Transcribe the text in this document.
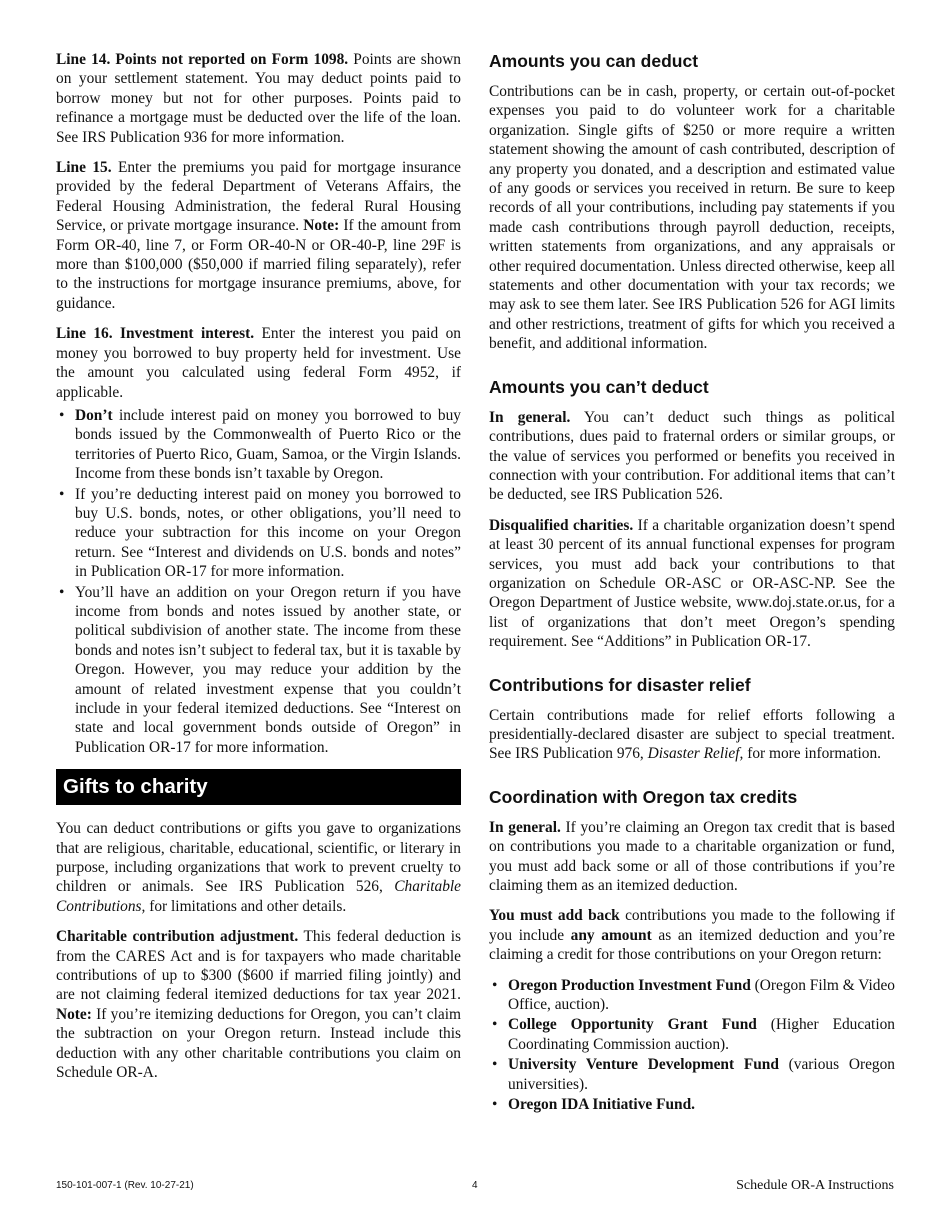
Line 14. Points not reported on Form 1098. Points are shown on your settlement statement. You may deduct points paid to borrow money but not for other purposes. Points paid to refinance a mortgage must be deducted over the life of the loan. See IRS Publication 936 for more information.

Line 15. Enter the premiums you paid for mortgage insurance provided by the federal Department of Veterans Affairs, the Federal Housing Administration, the federal Rural Housing Service, or private mortgage insurance. Note: If the amount from Form OR-40, line 7, or Form OR-40-N or OR-40-P, line 29F is more than $100,000 ($50,000 if married filing separately), refer to the instructions for mortgage insurance premiums, above, for guidance.

Line 16. Investment interest. Enter the interest you paid on money you borrowed to buy property held for investment. Use the amount you calculated using federal Form 4952, if applicable.

• Don’t include interest paid on money you borrowed to buy bonds issued by the Commonwealth of Puerto Rico or the territories of Puerto Rico, Guam, Samoa, or the Virgin Islands. Income from these bonds isn’t taxable by Oregon.
• If you’re deducting interest paid on money you borrowed to buy U.S. bonds, notes, or other obligations, you’ll need to reduce your subtraction for this income on your Oregon return. See “Interest and dividends on U.S. bonds and notes” in Publication OR-17 for more information.
• You’ll have an addition on your Oregon return if you have income from bonds and notes issued by another state, or political subdivision of another state. The income from these bonds and notes isn’t subject to federal tax, but it is taxable by Oregon. However, you may reduce your addition by the amount of related investment expense that you couldn’t include in your federal itemized deductions. See “Interest on state and local government bonds outside of Oregon” in Publication OR-17 for more information.
Gifts to charity

You can deduct contributions or gifts you gave to organizations that are religious, charitable, educational, scientific, or literary in purpose, including organizations that work to prevent cruelty to children or animals. See IRS Publication 526, Charitable Contributions, for limitations and other details.

Charitable contribution adjustment. This federal deduction is from the CARES Act and is for taxpayers who made charitable contributions of up to $300 ($600 if married filing jointly) and are not claiming federal itemized deductions for tax year 2021. Note: If you’re itemizing deductions for Oregon, you can’t claim the subtraction on your Oregon return. Instead include this deduction with any other charitable contributions you claim on Schedule OR-A.

Amounts you can deduct

Contributions can be in cash, property, or certain out-of-pocket expenses you paid to do volunteer work for a charitable organization. Single gifts of $250 or more require a written statement showing the amount of cash contributed, description of any property you donated, and a description and estimated value of any goods or services you received in return. Be sure to keep records of all your contributions, including pay statements if you made cash contributions through payroll deduction, receipts, written statements from organizations, and any appraisals or other required documentation. Unless directed otherwise, keep all statements and other documentation with your tax records; we may ask to see them later. See IRS Publication 526 for AGI limits and other restrictions, treatment of gifts for which you received a benefit, and additional information.

Amounts you can’t deduct

In general. You can’t deduct such things as political contributions, dues paid to fraternal orders or similar groups, or the value of services you performed or benefits you received in connection with your contribution. For additional items that can’t be deducted, see IRS Publication 526.

Disqualified charities. If a charitable organization doesn’t spend at least 30 percent of its annual functional expenses for program services, you must add back your contributions to that organization on Schedule OR-ASC or OR-ASC-NP. See the Oregon Department of Justice website, www.doj.state.or.us, for a list of organizations that don’t meet Oregon’s spending requirement. See “Additions” in Publication OR-17.

Contributions for disaster relief

Certain contributions made for relief efforts following a presidentially-declared disaster are subject to special treatment. See IRS Publication 976, Disaster Relief, for more information.

Coordination with Oregon tax credits

In general. If you’re claiming an Oregon tax credit that is based on contributions you made to a charitable organization or fund, you must add back some or all of those contributions if you’re claiming them as an itemized deduction.

You must add back contributions you made to the following if you include any amount as an itemized deduction and you’re claiming a credit for those contributions on your Oregon return:

• Oregon Production Investment Fund (Oregon Film & Video Office, auction).
• College Opportunity Grant Fund (Higher Education Coordinating Commission auction).
• University Venture Development Fund (various Oregon universities).
• Oregon IDA Initiative Fund.
150-101-007-1 (Rev. 10-27-21)	4	Schedule OR-A Instructions
